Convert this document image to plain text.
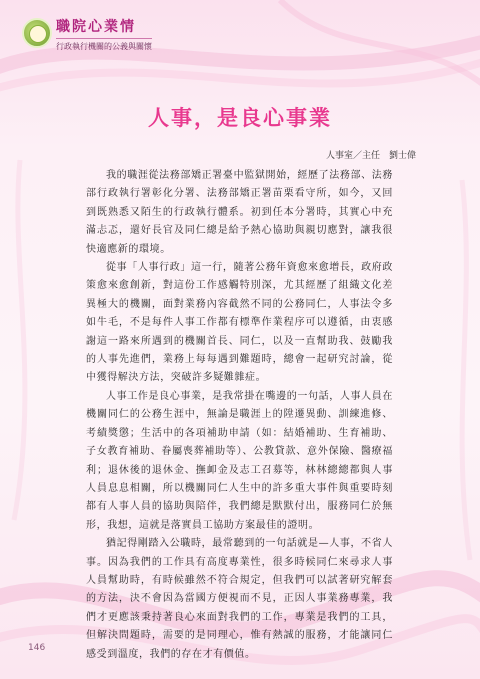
職院心業情
行政執行機關的公義與關懷
人事，是良心事業
人事室／主任　劉士偉

我的職涯從法務部矯正署臺中監獄開始，經歷了法務部、法務部行政執行署彰化分署、法務部矯正署苗栗看守所，如今，又回到既熟悉又陌生的行政執行體系。初到任本分署時，其實心中充滿忐忑，還好長官及同仁總是給予熱心協助與親切應對，讓我很快適應新的環境。

從事「人事行政」這一行，隨著公務年資愈來愈增長，政府政策愈來愈創新，對這份工作感觸特別深，尤其經歷了組織文化差異極大的機關，面對業務內容截然不同的公務同仁，人事法令多如牛毛，不是每件人事工作都有標準作業程序可以遵循，由衷感謝這一路來所遇到的機關首長、同仁，以及一直幫助我、鼓勵我的人事先進們，業務上每每遇到難題時，總會一起研究討論，從中獲得解決方法，突破許多疑難雜症。

人事工作是良心事業，是我常掛在嘴邊的一句話，人事人員在機關同仁的公務生涯中，無論是職涯上的陞遷異動、訓練進修、考績獎懲；生活中的各項補助申請（如：結婚補助、生育補助、子女教育補助、眷屬喪葬補助等）、公教貸款、意外保險、醫療福利；退休後的退休金、撫卹金及志工召募等，林林總總都與人事人員息息相關，所以機關同仁人生中的許多重大事件與重要時刻都有人事人員的協助與陪伴，我們總是默默付出，服務同仁於無形，我想，這就是落實員工協助方案最佳的證明。

猶記得剛踏入公職時，最常聽到的一句話就是—人事，不省人事。因為我們的工作具有高度專業性，很多時候同仁來尋求人事人員幫助時，有時候雖然不符合規定，但我們可以試著研究解套的方法，決不會因為當國方便視而不見，正因人事業務專業，我們才更應該秉持著良心來面對我們的工作，專業是我們的工具，但解決問題時，需要的是同理心，惟有熱誠的服務，才能讓同仁感受到溫度，我們的存在才有價值。

146
